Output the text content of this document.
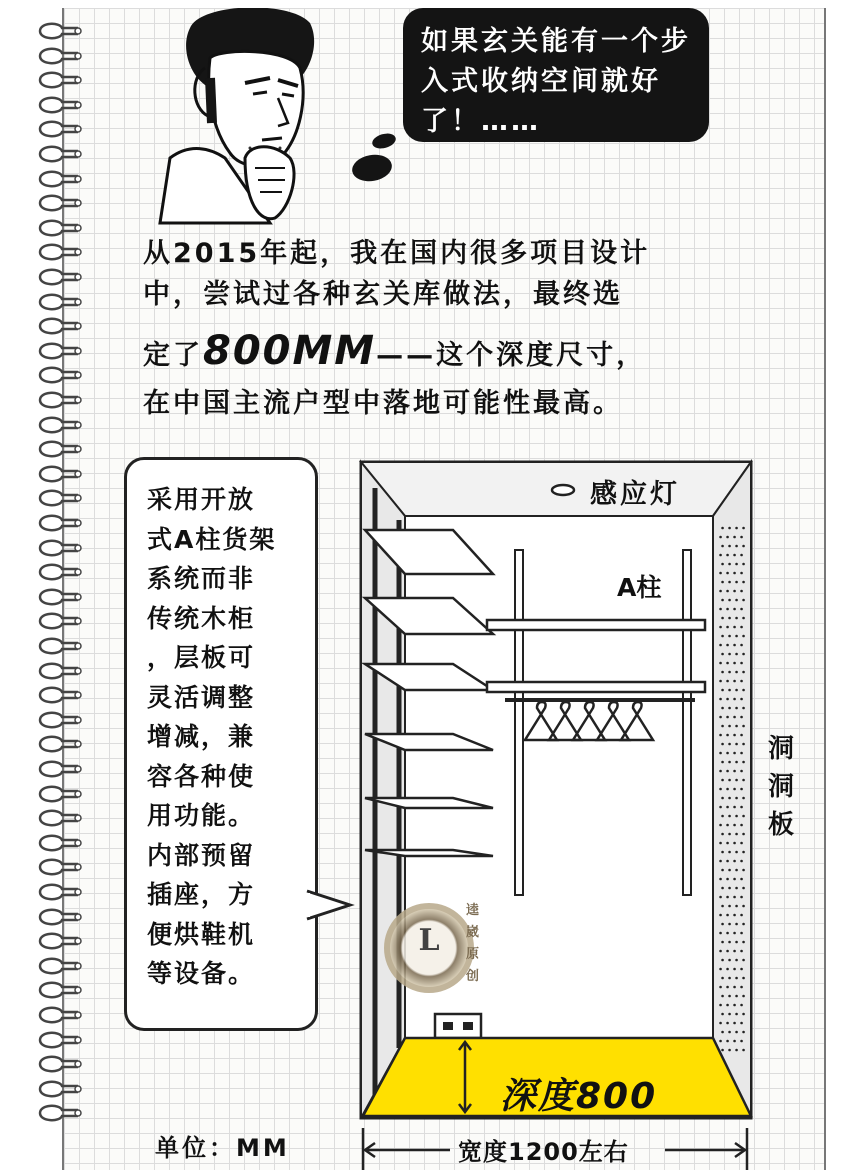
如果玄关能有一个步入式收纳空间就好了！……
从2015年起，我在国内很多项目设计
中，尝试过各种玄关库做法，最终选
定了800MM——这个深度尺寸，
在中国主流户型中落地可能性最高。
采用开放
式A柱货架
系统而非
传统木柜
，层板可
灵活调整
增减，兼
容各种使
用功能。
内部预留
插座，方
便烘鞋机
等设备。
L
逵
崴
原
创
感应灯
A柱
洞
洞
板
深度800
单位：MM	宽度1200左右
